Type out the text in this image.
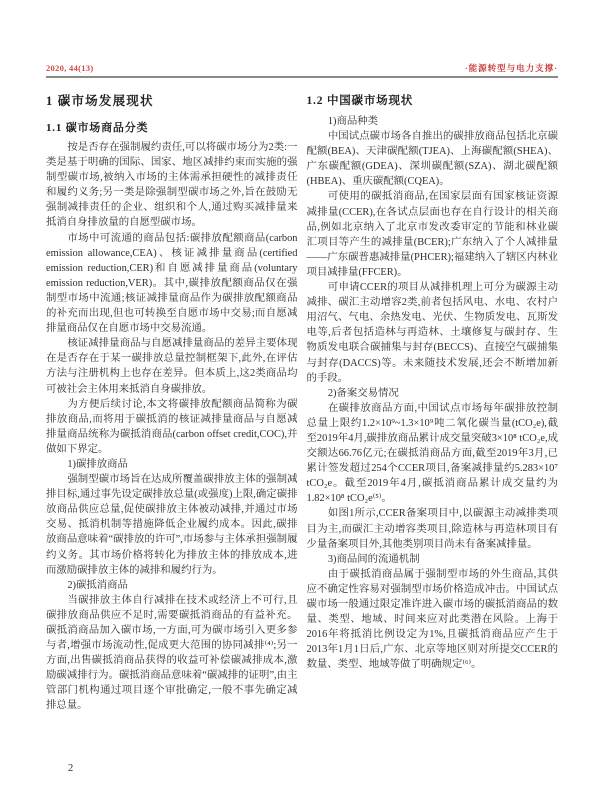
2020, 44(13)	·能源转型与电力支撑·
1 碳市场发展现状
1.1 碳市场商品分类

按是否存在强制履约责任,可以将碳市场分为2类:一类是基于明确的国际、国家、地区减排约束而实施的强制型碳市场,被纳入市场的主体需承担硬性的减排责任和履约义务;另一类是除强制型碳市场之外,旨在鼓励无强制减排责任的企业、组织和个人,通过购买减排量来抵消自身排放量的自愿型碳市场。

市场中可流通的商品包括:碳排放配额商品(carbon emission allowance,CEA)、核证减排量商品(certified emission reduction,CER)和自愿减排量商品(voluntary emission reduction,VER)。其中,碳排放配额商品仅在强制型市场中流通;核证减排量商品作为碳排放配额商品的补充而出现,但也可转换至自愿市场中交易;而自愿减排量商品仅在自愿市场中交易流通。

核证减排量商品与自愿减排量商品的差异主要体现在是否存在于某一碳排放总量控制框架下,此外,在评估方法与注册机构上也存在差异。但本质上,这2类商品均可被社会主体用来抵消自身碳排放。

为方便后续讨论,本文将碳排放配额商品简称为碳排放商品,而将用于碳抵消的核证减排量商品与自愿减排量商品统称为碳抵消商品(carbon offset credit,COC),并做如下界定。

1)碳排放商品

强制型碳市场旨在达成所覆盖碳排放主体的强制减排目标,通过事先设定碳排放总量(或强度)上限,确定碳排放商品供应总量,促使碳排放主体被动减排,并通过市场交易、抵消机制等措施降低企业履约成本。因此,碳排放商品意味着“碳排放的许可”,市场参与主体承担强制履约义务。其市场价格将转化为排放主体的排放成本,进而激励碳排放主体的减排和履约行为。

2)碳抵消商品

当碳排放主体自行减排在技术或经济上不可行,且碳排放商品供应不足时,需要碳抵消商品的有益补充。碳抵消商品加入碳市场,一方面,可为碳市场引入更多参与者,增强市场流动性,促成更大范围的协同减排⁽⁴⁾;另一方面,出售碳抵消商品获得的收益可补偿碳减排成本,激励碳减排行为。碳抵消商品意味着“碳减排的证明”,由主管部门机构通过项目逐个审批确定,一般不事先确定减排总量。

1.2 中国碳市场现状

1)商品种类

中国试点碳市场各自推出的碳排放商品包括北京碳配额(BEA)、天津碳配额(TJEA)、上海碳配额(SHEA)、广东碳配额(GDEA)、深圳碳配额(SZA)、湖北碳配额(HBEA)、重庆碳配额(CQEA)。

可使用的碳抵消商品,在国家层面有国家核证资源减排量(CCER),在各试点层面也存在自行设计的相关商品,例如北京纳入了北京市发改委审定的节能和林业碳汇项目等产生的减排量(BCER);广东纳入了个人减排量——广东碳普惠减排量(PHCER);福建纳入了辖区内林业项目减排量(FFCER)。

可申请CCER的项目从减排机理上可分为碳源主动减排、碳汇主动增容2类,前者包括风电、水电、农村户用沼气、气电、余热发电、光伏、生物质发电、瓦斯发电等,后者包括造林与再造林、土壤修复与碳封存、生物质发电联合碳捕集与封存(BECCS)、直接空气碳捕集与封存(DACCS)等。未来随技术发展,还会不断增加新的手段。

2)备案交易情况

在碳排放商品方面,中国试点市场每年碳排放控制总量上限约1.2×10⁹~1.3×10⁹吨二氧化碳当量(tCO₂e),截至2019年4月,碳排放商品累计成交量突破3×10⁸ tCO₂e,成交额达66.76亿元;在碳抵消商品方面,截至2019年3月,已累计签发超过254个CCER项目,备案减排量约5.283×10⁷ tCO₂e。截至2019年4月,碳抵消商品累计成交量约为1.82×10⁸ tCO₂e⁽⁵⁾。

如图1所示,CCER备案项目中,以碳源主动减排类项目为主,而碳汇主动增容类项目,除造林与再造林项目有少量备案项目外,其他类别项目尚未有备案减排量。

3)商品间的流通机制

由于碳抵消商品属于强制型市场的外生商品,其供应不确定性容易对强制型市场价格造成冲击。中国试点碳市场一般通过限定准许进入碳市场的碳抵消商品的数量、类型、地域、时间来应对此类潜在风险。上海于2016年将抵消比例设定为1%,且碳抵消商品应产生于2013年1月1日后,广东、北京等地区则对所提交CCER的数量、类型、地域等做了明确规定⁽⁶⁾。

2
